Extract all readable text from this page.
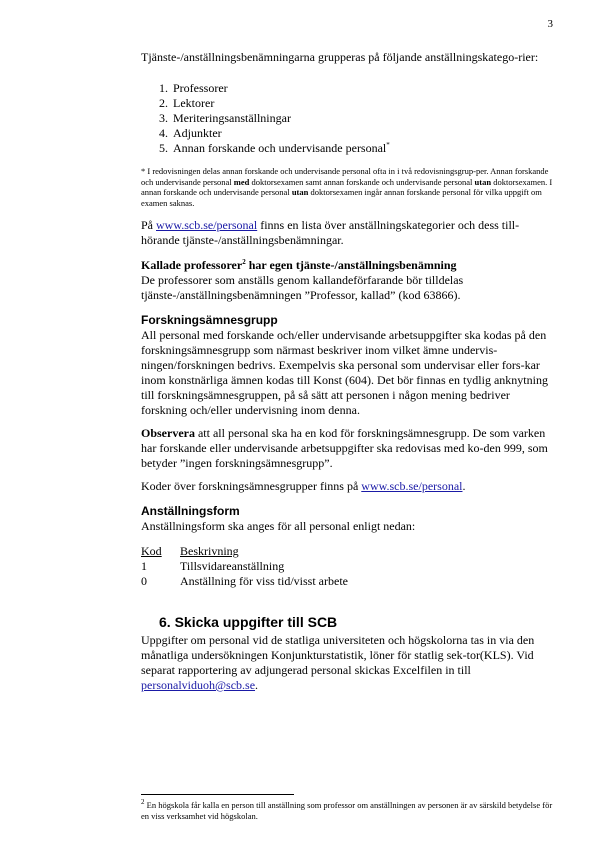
3

Tjänste-/anställningsbenämningarna grupperas på följande anställningskatego-rier:

1. Professorer
2. Lektorer
3. Meriteringsanställningar
4. Adjunkter
5. Annan forskande och undervisande personal*

* I redovisningen delas annan forskande och undervisande personal ofta in i två redovisningsgrup-per. Annan forskande och undervisande personal med doktorsexamen samt annan forskande och undervisande personal utan doktorsexamen. I annan forskande och undervisande personal utan doktorsexamen ingår annan forskande personal för vilka uppgift om examen saknas.

På www.scb.se/personal finns en lista över anställningskategorier och dess till-hörande tjänste-/anställningsbenämningar.

Kallade professorer$^2$ har egen tjänste-/anställningsbenämning

De professorer som anställs genom kallandeförfarande bör tilldelas tjänste-/anställningsbenämningen ”Professor, kallad” (kod 63866).

Forskningsämnesgrupp

All personal med forskande och/eller undervisande arbetsuppgifter ska kodas på den forskningsämnesgrupp som närmast beskriver inom vilket ämne undervis-ningen/forskningen bedrivs. Exempelvis ska personal som undervisar eller fors-kar inom konstnärliga ämnen kodas till Konst (604). Det bör finnas en tydlig anknytning till forskningsämnesgruppen, på så sätt att personen i någon mening bedriver forskning och/eller undervisning inom denna.

Observera att all personal ska ha en kod för forskningsämnesgrupp. De som varken har forskande eller undervisande arbetsuppgifter ska redovisas med ko-den 999, som betyder ”ingen forskningsämnesgrupp”.

Koder över forskningsämnesgrupper finns på www.scb.se/personal.

Anställningsform

Anställningsform ska anges för all personal enligt nedan:

Kod	Beskrivning
1	Tillsvidareanställning
0	Anställning för viss tid/visst arbete
6. Skicka uppgifter till SCB

Uppgifter om personal vid de statliga universiteten och högskolorna tas in via den månatliga undersökningen Konjunkturstatistik, löner för statlig sek-tor(KLS). Vid separat rapportering av adjungerad personal skickas Excelfilen in till personalviduoh@scb.se.

$^2$ En högskola får kalla en person till anställning som professor om anställningen av personen är av särskild betydelse för en viss verksamhet vid högskolan.
